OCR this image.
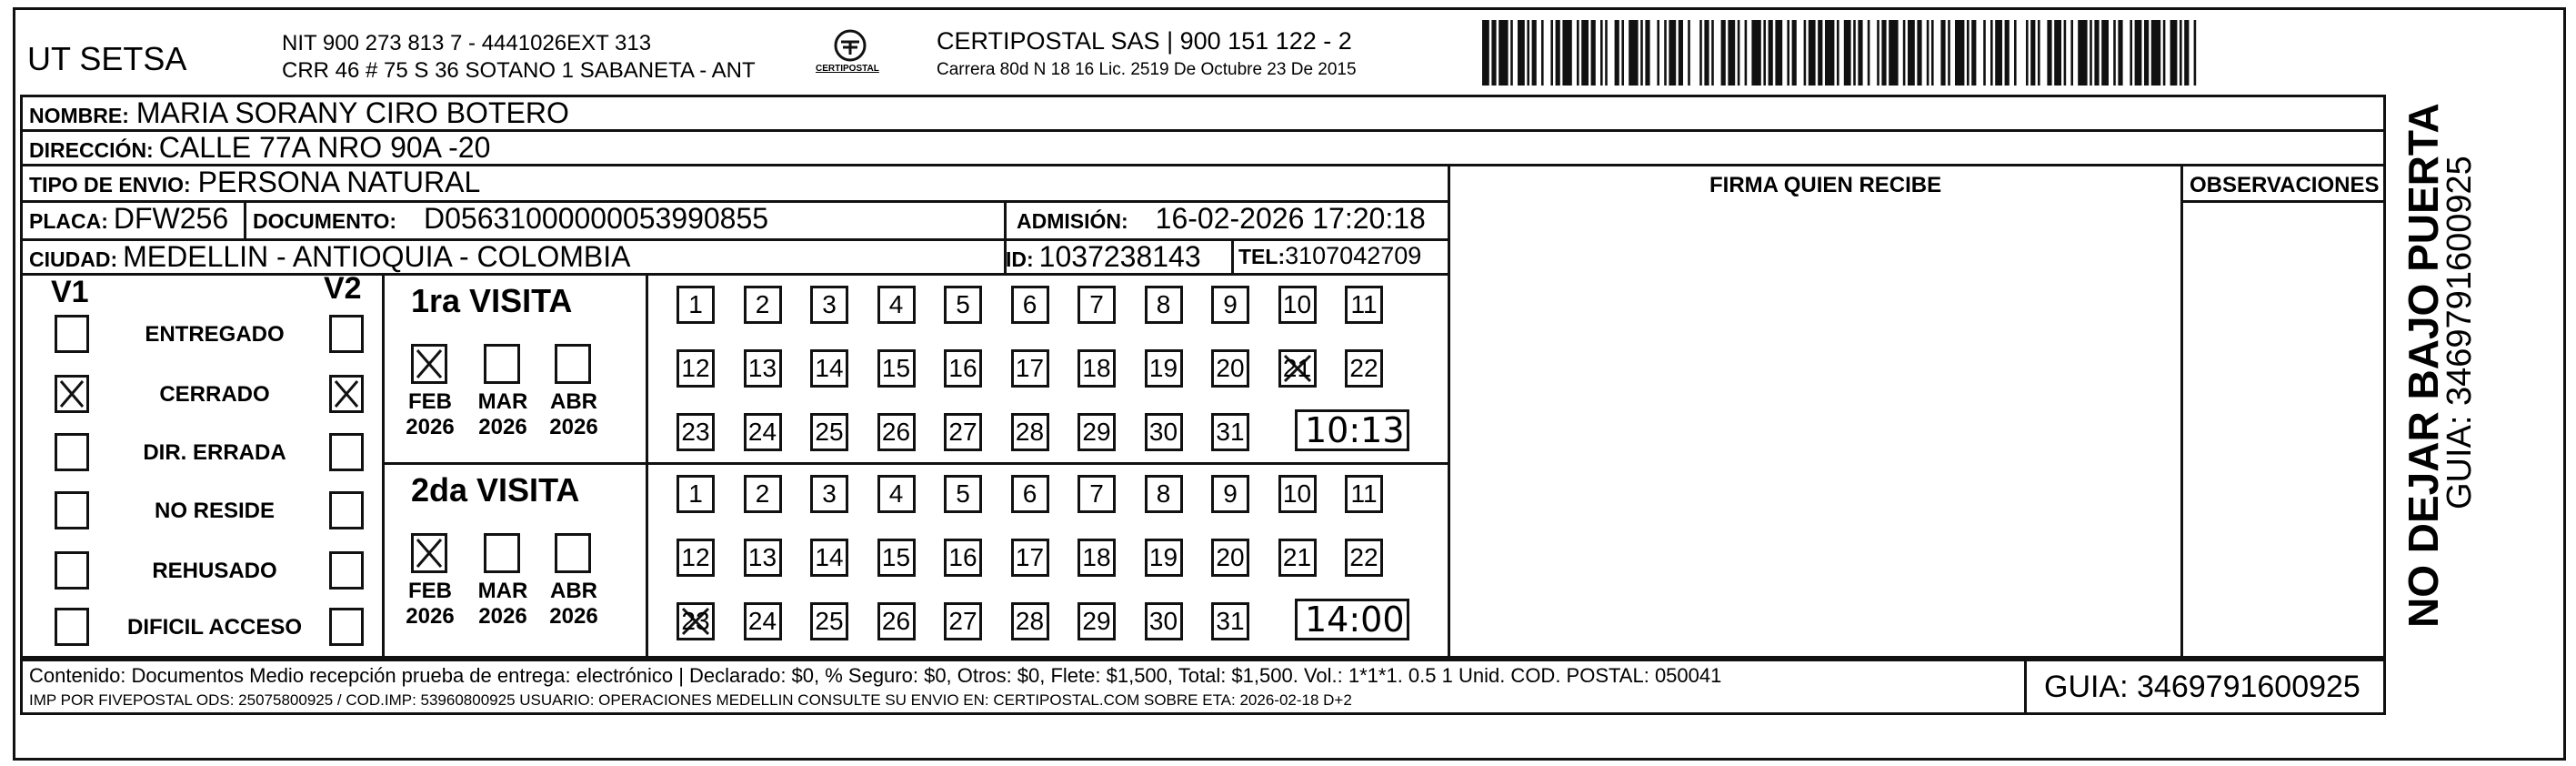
UT SETSA	NIT 900 273 813 7 - 4441026EXT 313
CRR 46 # 75 S 36 SOTANO 1 SABANETA - ANT	CERTIPOSTAL
CERTIPOSTAL SAS | 900 151 122 - 2
Carrera 80d N 18 16 Lic. 2519 De Octubre 23 De 2015
NOMBRE: MARIA SORANY CIRO BOTERO
DIRECCIÓN: CALLE 77A NRO 90A -20
TIPO DE ENVIO: PERSONA NATURAL	FIRMA QUIEN RECIBE	OBSERVACIONES
PLACA: DFW256 DOCUMENTO: D05631000000053990855	ADMISIÓN: 16-02-2026 17:20:18
CIUDAD: MEDELLIN - ANTIOQUIA - COLOMBIA	ID: 1037238143 TEL:3107042709
V1	V2
ENTREGADO
CERRADO
DIR. ERRADA
NO RESIDE
REHUSADO
DIFICIL ACCESO
1ra VISITA
2da VISITA
FEB
2026
MAR
2026
ABR
2026
FEB
2026
MAR
2026
ABR
2026
1	2	3	4	5	6	7	8	9	10 11
12 13 14 15 16 17 18 19 20 21 22
23 24 25 26 27 28 29 30 31
1	2	3	4	5	6	7	8	9	10 11
12 13 14 15 16 17 18 19 20 21 22
23 24 25 26 27 28 29 30 31
10:13
14:00
Contenido: Documentos Medio recepción prueba de entrega: electrónico | Declarado: $0, % Seguro: $0, Otros: $0, Flete: $1,500, Total: $1,500. Vol.: 1*1*1. 0.5 1 Unid. COD. POSTAL: 050041
IMP POR FIVEPOSTAL ODS: 25075800925 / COD.IMP: 53960800925 USUARIO: OPERACIONES MEDELLIN CONSULTE SU ENVIO EN: CERTIPOSTAL.COM SOBRE ETA: 2026-02-18 D+2	GUIA: 3469791600925
NO DEJAR BAJO PUERTA
GUIA: 3469791600925
